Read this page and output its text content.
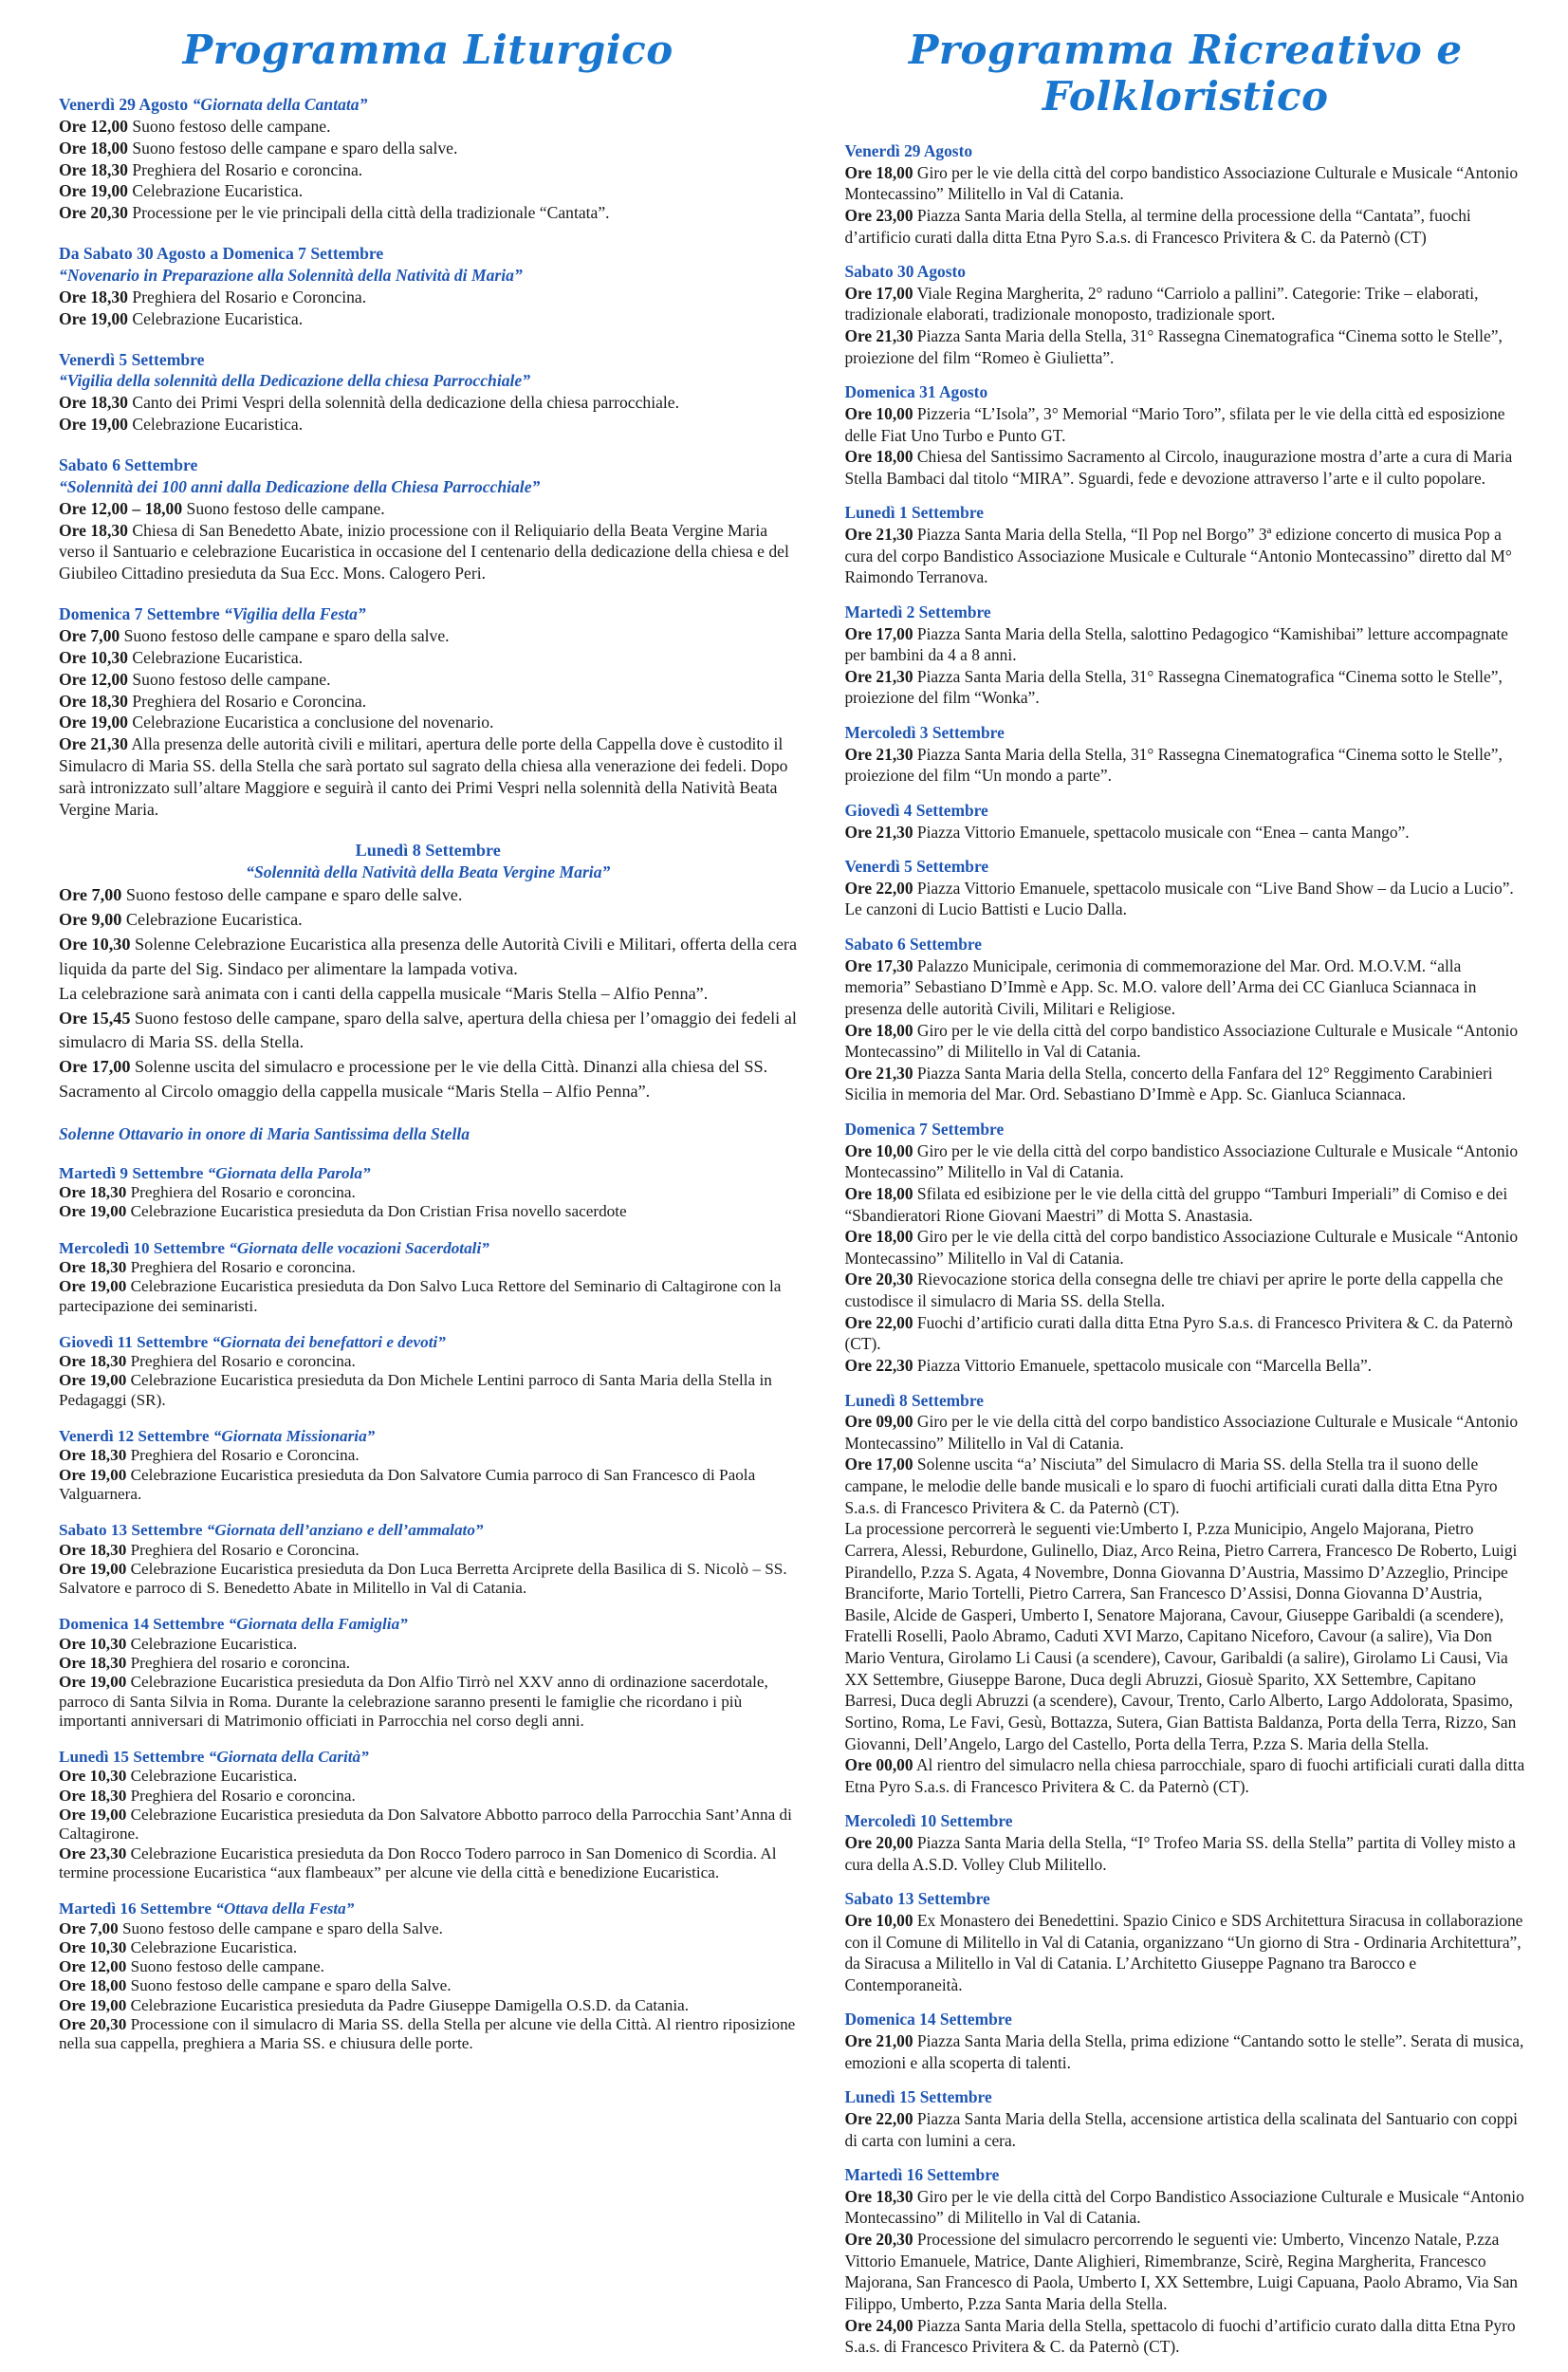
Programma Liturgico
Venerdì 29 Agosto “Giornata della Cantata”
Ore 12,00 Suono festoso delle campane.
Ore 18,00 Suono festoso delle campane e sparo della salve.
Ore 18,30 Preghiera del Rosario e coroncina.
Ore 19,00 Celebrazione Eucaristica.
Ore 20,30 Processione per le vie principali della città della tradizionale “Cantata”.
Da Sabato 30 Agosto a Domenica 7 Settembre
“Novenario in Preparazione alla Solennità della Natività di Maria”
Ore 18,30 Preghiera del Rosario e Coroncina.
Ore 19,00 Celebrazione Eucaristica.
Venerdì 5 Settembre
“Vigilia della solennità della Dedicazione della chiesa Parrocchiale”
Ore 18,30 Canto dei Primi Vespri della solennità della dedicazione della chiesa parrocchiale.
Ore 19,00 Celebrazione Eucaristica.
Sabato 6 Settembre
“Solennità dei 100 anni dalla Dedicazione della Chiesa Parrocchiale”
Ore 12,00 – 18,00 Suono festoso delle campane.
Ore 18,30 Chiesa di San Benedetto Abate, inizio processione con il Reliquiario della Beata Vergine Maria verso il Santuario e celebrazione Eucaristica in occasione del I centenario della dedicazione della chiesa e del Giubileo Cittadino presieduta da Sua Ecc. Mons. Calogero Peri.
Domenica 7 Settembre “Vigilia della Festa”
Ore 7,00 Suono festoso delle campane e sparo della salve.
Ore 10,30 Celebrazione Eucaristica.
Ore 12,00 Suono festoso delle campane.
Ore 18,30 Preghiera del Rosario e Coroncina.
Ore 19,00 Celebrazione Eucaristica a conclusione del novenario.
Ore 21,30 Alla presenza delle autorità civili e militari, apertura delle porte della Cappella dove è custodito il Simulacro di Maria SS. della Stella che sarà portato sul sagrato della chiesa alla venerazione dei fedeli. Dopo sarà intronizzato sull’altare Maggiore e seguirà il canto dei Primi Vespri nella solennità della Natività Beata Vergine Maria.
Lunedì 8 Settembre
“Solennità della Natività della Beata Vergine Maria”
Ore 7,00 Suono festoso delle campane e sparo delle salve.
Ore 9,00 Celebrazione Eucaristica.
Ore 10,30 Solenne Celebrazione Eucaristica alla presenza delle Autorità Civili e Militari, offerta della cera liquida da parte del Sig. Sindaco per alimentare la lampada votiva.
La celebrazione sarà animata con i canti della cappella musicale “Maris Stella – Alfio Penna”.
Ore 15,45 Suono festoso delle campane, sparo della salve, apertura della chiesa per l’omaggio dei fedeli al simulacro di Maria SS. della Stella.
Ore 17,00 Solenne uscita del simulacro e processione per le vie della Città. Dinanzi alla chiesa del SS. Sacramento al Circolo omaggio della cappella musicale “Maris Stella – Alfio Penna”.
Solenne Ottavario in onore di Maria Santissima della Stella
Martedì 9 Settembre “Giornata della Parola”
Ore 18,30 Preghiera del Rosario e coroncina.
Ore 19,00 Celebrazione Eucaristica presieduta da Don Cristian Frisa novello sacerdote
Mercoledì 10 Settembre “Giornata delle vocazioni Sacerdotali”
Ore 18,30 Preghiera del Rosario e coroncina.
Ore 19,00 Celebrazione Eucaristica presieduta da Don Salvo Luca Rettore del Seminario di Caltagirone con la partecipazione dei seminaristi.
Giovedì 11 Settembre “Giornata dei benefattori e devoti”
Ore 18,30 Preghiera del Rosario e coroncina.
Ore 19,00 Celebrazione Eucaristica presieduta da Don Michele Lentini parroco di Santa Maria della Stella in Pedagaggi (SR).
Venerdì 12 Settembre “Giornata Missionaria”
Ore 18,30 Preghiera del Rosario e Coroncina.
Ore 19,00 Celebrazione Eucaristica presieduta da Don Salvatore Cumia parroco di San Francesco di Paola Valguarnera.
Sabato 13 Settembre “Giornata dell’anziano e dell’ammalato”
Ore 18,30 Preghiera del Rosario e Coroncina.
Ore 19,00 Celebrazione Eucaristica presieduta da Don Luca Berretta Arciprete della Basilica di S. Nicolò – SS. Salvatore e parroco di S. Benedetto Abate in Militello in Val di Catania.
Domenica 14 Settembre “Giornata della Famiglia”
Ore 10,30 Celebrazione Eucaristica.
Ore 18,30 Preghiera del rosario e coroncina.
Ore 19,00 Celebrazione Eucaristica presieduta da Don Alfio Tirrò nel XXV anno di ordinazione sacerdotale, parroco di Santa Silvia in Roma. Durante la celebrazione saranno presenti le famiglie che ricordano i più importanti anniversari di Matrimonio officiati in Parrocchia nel corso degli anni.
Lunedì 15 Settembre “Giornata della Carità”
Ore 10,30 Celebrazione Eucaristica.
Ore 18,30 Preghiera del Rosario e coroncina.
Ore 19,00 Celebrazione Eucaristica presieduta da Don Salvatore Abbotto parroco della Parrocchia Sant’Anna di Caltagirone.
Ore 23,30 Celebrazione Eucaristica presieduta da Don Rocco Todero parroco in San Domenico di Scordia. Al termine processione Eucaristica “aux flambeaux” per alcune vie della città e benedizione Eucaristica.
Martedì 16 Settembre “Ottava della Festa”
Ore 7,00 Suono festoso delle campane e sparo della Salve.
Ore 10,30 Celebrazione Eucaristica.
Ore 12,00 Suono festoso delle campane.
Ore 18,00 Suono festoso delle campane e sparo della Salve.
Ore 19,00 Celebrazione Eucaristica presieduta da Padre Giuseppe Damigella O.S.D. da Catania.
Ore 20,30 Processione con il simulacro di Maria SS. della Stella per alcune vie della Città. Al rientro riposizione nella sua cappella, preghiera a Maria SS. e chiusura delle porte.
Programma Ricreativo e Folkloristico
Venerdì 29 Agosto
Ore 18,00 Giro per le vie della città del corpo bandistico Associazione Culturale e Musicale “Antonio Montecassino” Militello in Val di Catania.
Ore 23,00 Piazza Santa Maria della Stella, al termine della processione della “Cantata”, fuochi d’artificio curati dalla ditta Etna Pyro S.a.s. di Francesco Privitera & C. da Paternò (CT)
Sabato 30 Agosto
Ore 17,00 Viale Regina Margherita, 2° raduno “Carriolo a pallini”. Categorie: Trike – elaborati, tradizionale elaborati, tradizionale monoposto, tradizionale sport.
Ore 21,30 Piazza Santa Maria della Stella, 31° Rassegna Cinematografica “Cinema sotto le Stelle”, proiezione del film “Romeo è Giulietta”.
Domenica 31 Agosto
Ore 10,00 Pizzeria “L’Isola”, 3° Memorial “Mario Toro”, sfilata per le vie della città ed esposizione delle Fiat Uno Turbo e Punto GT.
Ore 18,00 Chiesa del Santissimo Sacramento al Circolo, inaugurazione mostra d’arte a cura di Maria Stella Bambaci dal titolo “MIRA”. Sguardi, fede e devozione attraverso l’arte e il culto popolare.
Lunedì 1 Settembre
Ore 21,30 Piazza Santa Maria della Stella, “Il Pop nel Borgo” 3ª edizione concerto di musica Pop a cura del corpo Bandistico Associazione Musicale e Culturale “Antonio Montecassino” diretto dal M° Raimondo Terranova.
Martedì 2 Settembre
Ore 17,00 Piazza Santa Maria della Stella, salottino Pedagogico “Kamishibai” letture accompagnate per bambini da 4 a 8 anni.
Ore 21,30 Piazza Santa Maria della Stella, 31° Rassegna Cinematografica “Cinema sotto le Stelle”, proiezione del film “Wonka”.
Mercoledì 3 Settembre
Ore 21,30 Piazza Santa Maria della Stella, 31° Rassegna Cinematografica “Cinema sotto le Stelle”, proiezione del film “Un mondo a parte”.
Giovedì 4 Settembre
Ore 21,30 Piazza Vittorio Emanuele, spettacolo musicale con “Enea – canta Mango”.
Venerdì 5 Settembre
Ore 22,00 Piazza Vittorio Emanuele, spettacolo musicale con “Live Band Show – da Lucio a Lucio”. Le canzoni di Lucio Battisti e Lucio Dalla.
Sabato 6 Settembre
Ore 17,30 Palazzo Municipale, cerimonia di commemorazione del Mar. Ord. M.O.V.M. “alla memoria” Sebastiano D’Immè e App. Sc. M.O. valore dell’Arma dei CC Gianluca Sciannaca in presenza delle autorità Civili, Militari e Religiose.
Ore 18,00 Giro per le vie della città del corpo bandistico Associazione Culturale e Musicale “Antonio Montecassino” di Militello in Val di Catania.
Ore 21,30 Piazza Santa Maria della Stella, concerto della Fanfara del 12° Reggimento Carabinieri Sicilia in memoria del Mar. Ord. Sebastiano D’Immè e App. Sc. Gianluca Sciannaca.
Domenica 7 Settembre
Ore 10,00 Giro per le vie della città del corpo bandistico Associazione Culturale e Musicale “Antonio Montecassino” Militello in Val di Catania.
Ore 18,00 Sfilata ed esibizione per le vie della città del gruppo “Tamburi Imperiali” di Comiso e dei “Sbandieratori Rione Giovani Maestri” di Motta S. Anastasia.
Ore 18,00 Giro per le vie della città del corpo bandistico Associazione Culturale e Musicale “Antonio Montecassino” Militello in Val di Catania.
Ore 20,30 Rievocazione storica della consegna delle tre chiavi per aprire le porte della cappella che custodisce il simulacro di Maria SS. della Stella.
Ore 22,00 Fuochi d’artificio curati dalla ditta Etna Pyro S.a.s. di Francesco Privitera & C. da Paternò (CT).
Ore 22,30 Piazza Vittorio Emanuele, spettacolo musicale con “Marcella Bella”.
Lunedì 8 Settembre
Ore 09,00 Giro per le vie della città del corpo bandistico Associazione Culturale e Musicale “Antonio Montecassino” Militello in Val di Catania.
Ore 17,00 Solenne uscita “a’ Nisciuta” del Simulacro di Maria SS. della Stella tra il suono delle campane, le melodie delle bande musicali e lo sparo di fuochi artificiali curati dalla ditta Etna Pyro S.a.s. di Francesco Privitera & C. da Paternò (CT).
La processione percorrerà le seguenti vie:Umberto I, P.zza Municipio, Angelo Majorana, Pietro Carrera, Alessi, Reburdone, Gulinello, Diaz, Arco Reina, Pietro Carrera, Francesco De Roberto, Luigi Pirandello, P.zza S. Agata, 4 Novembre, Donna Giovanna D’Austria, Massimo D’Azzeglio, Principe Branciforte, Mario Tortelli, Pietro Carrera, San Francesco D’Assisi, Donna Giovanna D’Austria, Basile, Alcide de Gasperi, Umberto I, Senatore Majorana, Cavour, Giuseppe Garibaldi (a scendere), Fratelli Roselli, Paolo Abramo, Caduti XVI Marzo, Capitano Niceforo, Cavour (a salire), Via Don Mario Ventura, Girolamo Li Causi (a scendere), Cavour, Garibaldi (a salire), Girolamo Li Causi, Via XX Settembre, Giuseppe Barone, Duca degli Abruzzi, Giosuè Sparito, XX Settembre, Capitano Barresi, Duca degli Abruzzi (a scendere), Cavour, Trento, Carlo Alberto, Largo Addolorata, Spasimo, Sortino, Roma, Le Favi, Gesù, Bottazza, Sutera, Gian Battista Baldanza, Porta della Terra, Rizzo, San Giovanni, Dell’Angelo, Largo del Castello, Porta della Terra, P.zza S. Maria della Stella.
Ore 00,00 Al rientro del simulacro nella chiesa parrocchiale, sparo di fuochi artificiali curati dalla ditta Etna Pyro S.a.s. di Francesco Privitera & C. da Paternò (CT).
Mercoledì 10 Settembre
Ore 20,00 Piazza Santa Maria della Stella, “I° Trofeo Maria SS. della Stella” partita di Volley misto a cura della A.S.D. Volley Club Militello.
Sabato 13 Settembre
Ore 10,00 Ex Monastero dei Benedettini. Spazio Cinico e SDS Architettura Siracusa in collaborazione con il Comune di Militello in Val di Catania, organizzano “Un giorno di Stra - Ordinaria Architettura”, da Siracusa a Militello in Val di Catania. L’Architetto Giuseppe Pagnano tra Barocco e Contemporaneità.
Domenica 14 Settembre
Ore 21,00 Piazza Santa Maria della Stella, prima edizione “Cantando sotto le stelle”. Serata di musica, emozioni e alla scoperta di talenti.
Lunedì 15 Settembre
Ore 22,00 Piazza Santa Maria della Stella, accensione artistica della scalinata del Santuario con coppi di carta con lumini a cera.
Martedì 16 Settembre
Ore 18,30 Giro per le vie della città del Corpo Bandistico Associazione Culturale e Musicale “Antonio Montecassino” di Militello in Val di Catania.
Ore 20,30 Processione del simulacro percorrendo le seguenti vie: Umberto, Vincenzo Natale, P.zza Vittorio Emanuele, Matrice, Dante Alighieri, Rimembranze, Scirè, Regina Margherita, Francesco Majorana, San Francesco di Paola, Umberto I, XX Settembre, Luigi Capuana, Paolo Abramo, Via San Filippo, Umberto, P.zza Santa Maria della Stella.
Ore 24,00 Piazza Santa Maria della Stella, spettacolo di fuochi d’artificio curato dalla ditta Etna Pyro S.a.s. di Francesco Privitera & C. da Paternò (CT).
